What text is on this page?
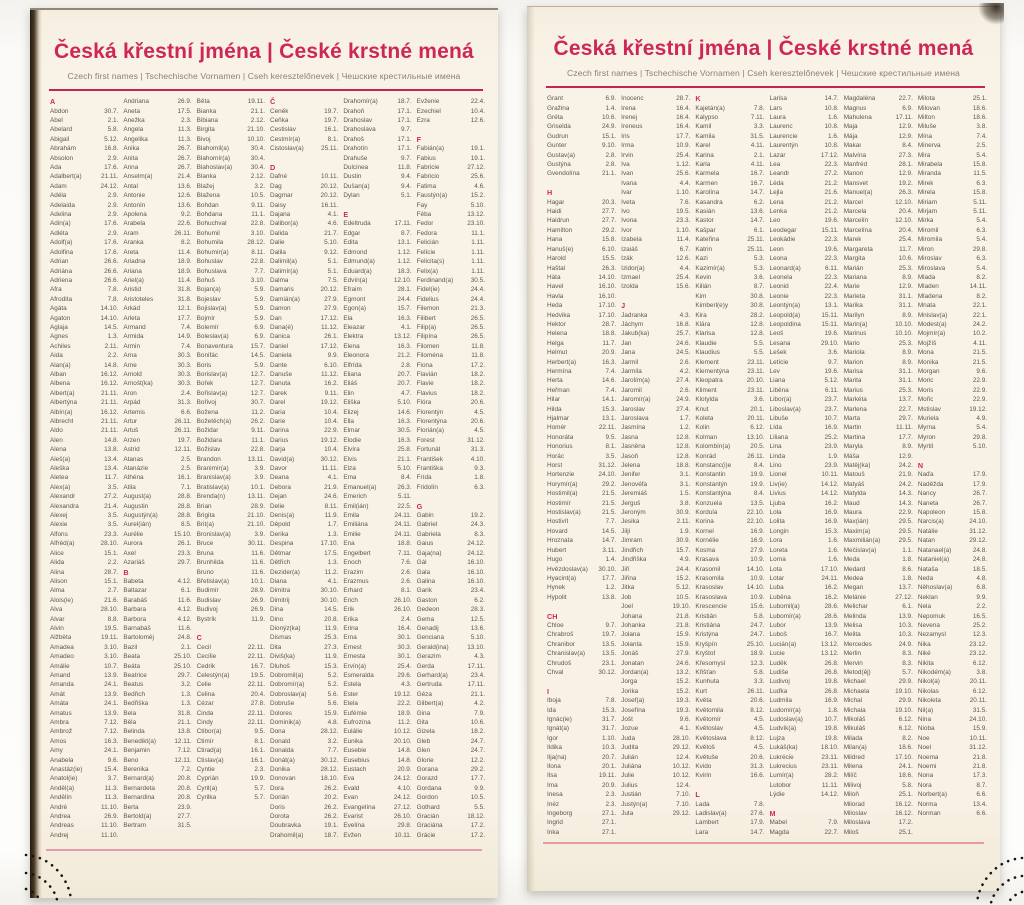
Česká křestní jména | České krstné mená
Czech first names | Tschechische Vornamen | Cseh keresztelőnevek | Чешские крестильные имена
A
Abdon	30.7.
Ábel	2.1.
Abelard	5.8.
Abigail	5.12.
Abrahám	16.8.
Absolon	2.9.
Ada	17.6.
Adalbert(a)	21.11.
Adam	24.12.
Adéla	2.9.
Adelaida	2.9.
Adelina	2.9.
Adin(a)	17.6.
Adléta	2.9.
Adolf(a)	17.6.
Adolfina	17.6.
Adrian	26.6.
Adriána	26.6.
Adriena	26.6.
Afra	7.8.
Afrodita	7.8.
Agáta	14.10.
Agaton	14.10.
Aglaja	14.5.
Agnes	1.3.
Achiles	2.11.
Aida	2.2.
Alan(a)	14.8.
Alban	16.12.
Albena	16.12.
Albert(a)	21.11.
Albertýna	21.11.
Albín(a)	16.12.
Albrecht	21.11.
Aldo	21.11.
Alen	14.8.
Alena	13.8.
Aleš(a)	13.4.
Aleška	13.4.
Aletea	11.7.
Alex(a)	3.5.
Alexandr	27.2.
Alexandra	21.4.
Alexej	3.5.
Alexie	3.5.
Alfons	23.3.
Alfréd(a)	28.10.
Alice	15.1.
Alida	2.2.
Alina	28.7.
Alison	15.1.
Alma	2.7.
Alois(ie)	21.6.
Alva	28.10.
Alvar	8.8.
Alvin	19.5.
Alžběta	19.11.
Amadea	3.10.
Amadeo	3.10.
Amálie	10.7.
Amand	13.9.
Amanda	24.1.
Amát	13.9.
Amáta	24.1.
Amatus	13.9.
Ambra	7.12.
Ambrož	7.12.
Ámos	16.3.
Amy	24.1.
Anabela	9.6.
Anastáz(ie)	15.4.
Anatol(ie)	3.7.
Anděl(a)	11.3.
Andělín	11.3.
André	11.10.
Andrea	26.9.
Andreas	11.10.
Andrej	11.10.
Andriana	26.9.
Aneta	17.5.
Anežka	2.3.
Angela	11.3.
Angelika	11.3.
Anika	26.7.
Anita	26.7.
Anna	26.7.
Anselm(a)	21.4.
Antal	13.6.
Antonie	12.6.
Antonín	13.6.
Apolena	9.2.
Arabela	22.6.
Aram	26.11.
Aranka	8.2.
Areta	11.4.
Ariadna	18.9.
Ariana	18.9.
Ariel(a)	11.4.
Aristid	31.8.
Aristoteles	31.8.
Arkád	12.1.
Arleta	17.7.
Armand	7.4.
Armida	14.9.
Armin	7.4.
Arna	30.3.
Arne	30.3.
Arnold	30.3.
Arnošt(ka)	30.3.
Áron	2.4.
Arpád	31.3.
Artemis	6.6.
Artur	26.11.
Artuš	26.11.
Arzen	19.7.
Astrid	12.11.
Atanas	2.5.
Atanázie	2.5.
Athéna	16.1.
Atila	7.1.
August(a)	28.8.
Augustin	28.8.
Augustýn(a)	28.8.
Aurel(ián)	8.5.
Aurélie	15.10.
Aurora	26.1.
Axel	23.3.
Azariáš	29.7.
B
Babeta	4.12.
Baltazar	6.1.
Barabáš	11.6.
Barbara	4.12.
Barbora	4.12.
Barnabáš	11.6.
Bartoloměj	24.8.
Bazil	2.1.
Beata	25.10.
Beáta	25.10.
Beatrice	29.7.
Beatus	3.2.
Bedřich	1.3.
Bedřiška	1.3.
Bela	31.8.
Běla	21.1.
Belinda	13.8.
Benedikt(a)	12.11.
Benjamin	7.12.
Beno	12.11.
Berenika	7.2.
Bernard(a)	20.8.
Bernardeta	20.8.
Bernardina	20.8.
Berta	23.9.
Bertold(a)	27.7.
Bertram	31.5.
Běta	19.11.
Bianka	21.1.
Bibiana	2.12.
Birgita	21.10.
Bivoj	10.10.
Blahomil(a)	30.4.
Blahomír(a)	30.4.
Blahoslav(a)	30.4.
Blanka	2.12.
Blažej	3.2.
Blažena	10.5.
Bohdan	9.11.
Bohdana	11.1.
Bohuchval	22.8.
Bohumil	3.10.
Bohumila	28.12.
Bohumír(a)	8.11.
Bohuslav	22.8.
Bohuslava	7.7.
Bohuš	3.10.
Bojan(a)	5.9.
Bojeslav	5.9.
Bojislav(a)	5.9.
Bojmír	5.9.
Bolemír	6.9.
Boleslav(a)	6.9.
Bonaventura	15.7.
Bonifác	14.5.
Boris	5.9.
Borislav(a)	12.7.
Bořek	12.7.
Bořislav(a)	12.7.
Bořivoj	30.7.
Božena	11.2.
Božetěch(a)	26.2.
Božidar	9.11.
Božidara	11.1.
Božislav	22.8.
Brandon	13.11.
Branimír(a)	3.9.
Branislav(a)	3.9.
Bratislav(a)	10.1.
Brenda(n)	13.11.
Brian	28.9.
Brigita	21.10.
Brit(a)	21.10.
Bronislav(a)	3.9.
Bruce	30.11.
Bruna	11.6.
Brunhilda	11.6.
Bruno	11.6.
Břetislav(a)	10.1.
Budimír	28.9.
Budislav	26.9.
Budivoj	26.9.
Bystrík	11.9.
C
Cecil	22.11.
Cecílie	22.11.
Cedrik	16.7.
Celestýn(a)	19.5.
Celie	22.11.
Celina	20.4.
Cézar	27.8.
Cinda	22.11.
Cindy	22.11.
Ctibor(a)	9.5.
Ctimír	8.1.
Ctirad(a)	16.1.
Ctislav(a)	16.1.
Cyntie	2.3.
Cyprián	19.9.
Cyril(a)	5.7.
Cyrilka	5.7.
Č
Čeněk	19.7.
Čeňka	19.7.
Čestislav	16.1.
Čestmír(a)	8.1.
Čistoslav(a)	25.11.
D
Dafné	10.11.
Dag	20.12.
Dagmar	20.12.
Daisy	16.11.
Dajana	4.1.
Dalibor(a)	4.6.
Dalida	21.7.
Dalie	5.10.
Dalila	9.12.
Dalimil(a)	5.1.
Dalimír(a)	5.1.
Dalma	7.5.
Damaris	20.12.
Damián(a)	27.9.
Damon	27.9.
Dan	17.12.
Dana(é)	11.12.
Danica	26.1.
Daniel	17.12.
Daniela	9.9.
Dante	6.10.
Danuše	11.12.
Danuta	16.2.
Darek	9.11.
Darel	19.12.
Daria	10.4.
Darie	10.4.
Darina	22.9.
Darius	19.12.
Darja	10.4.
David(a)	30.12.
Davor	11.11.
Deana	4.1.
Debora	21.9.
Dejan	24.6.
Delie	8.11.
Denis(a)	11.9.
Děpold	1.7.
Derika	1.3.
Despina	17.10.
Dětmar	17.5.
Dětřich	1.3.
Dezider(a)	11.2.
Diana	4.1.
Dimitra	30.10.
Dimitrij	30.10.
Dina	14.5.
Dino	20.8.
Dionýz(ka)	11.9.
Dismas	25.3.
Dita	27.3.
Diviš(ka)	11.9.
Dluhoš	15.3.
Dobromil(a)	5.2.
Dobromír(a)	5.2.
Dobroslav(a)	5.6.
Dobruše	5.6.
Dolores	15.9.
Dominik(a)	4.8.
Dona	28.12.
Donald	3.2.
Donalda	7.7.
Donát(a)	30.12.
Donika	28.12.
Donovan	18.10.
Dora	26.2.
Dorián	20.2.
Doris	26.2.
Dorota	26.2.
Doubravka	19.1.
Drahomil(a)	18.7.
Drahomír(a)	18.7.
Drahoň	17.1.
Drahoslav	17.1.
Drahoslava	9.7.
Drahoš	17.1.
Drahotín	17.1.
Drahuše	9.7.
Dulcinea	11.8.
Dustin	9.4.
Dušan(a)	9.4.
Dylan	5.1.
E
Edeltruda	17.11.
Edgar	8.7.
Edita	13.1.
Edmond	1.12.
Edmund(a)	1.12.
Eduard(a)	18.3.
Edvín(a)	12.10.
Efraim	28.1.
Egmont	24.4.
Egon(a)	15.7.
Ela	16.3.
Eleazar	4.1.
Elektra	13.12.
Elena	16.3.
Eleonora	21.2.
Elfrída	2.8.
Eliana	20.7.
Eliáš	20.7.
Elin	4.7.
Eliška	5.10.
Elizej	14.6.
Ella	16.3.
Elmar	30.5.
Elodie	16.3.
Elvíra	25.8.
Elvis	21.1.
Elza	5.10.
Ema	8.4.
Emanuel(a)	26.3.
Emerich	5.11.
Emil(ián)	22.5.
Emila	24.11.
Emiliána	24.11.
Emilie	24.11.
Ena	18.8.
Engelbert	7.11.
Enoch	7.6.
Erazim	2.6.
Erazmus	2.6.
Erhard	8.1.
Erich	26.10.
Erik	26.10.
Erika	2.4.
Erina	16.4.
Erna	30.1.
Ernest	30.3.
Ernesta	30.1.
Ervín(a)	25.4.
Esmeralda	29.6.
Estela	4.3.
Ester	19.12.
Etela	22.2.
Eufémie	18.9.
Eufrozína	11.2.
Eulálie	10.12.
Eunika	20.10.
Eusebie	14.8.
Eusebius	14.8.
Eustach	20.9.
Eva	24.12.
Evald	4.10.
Evan	24.12.
Evangelína	27.12.
Evarist	26.10.
Evelína	29.8.
Evžen	10.11.
Evženie	22.4.
Ezechiel	10.4.
Ezra	12.6.
F
Fabián(a)	19.1.
Fabius	19.1.
Fabricie	27.12.
Fabricio	25.6.
Fatima	4.6.
Faustýn(a)	15.2.
Fay	5.10.
Féba	13.12.
Fedor	23.10.
Fedora	11.1.
Felicián	1.11.
Felície	1.11.
Felicita(s)	1.11.
Felix(a)	1.11.
Ferdinand(a)	30.5.
Fidel(ie)	24.4.
Fidelius	24.4.
Filemon	21.3.
Filibert	26.5.
Filip(a)	26.5.
Filipína	26.5.
Filomen	11.8.
Filoména	11.8.
Fiona	17.2.
Flavián	18.2.
Flavie	18.2.
Flavius	18.2.
Flóra	20.6.
Florentýn	4.5.
Florentýna	20.6.
Florián(a)	4.5.
Forest	31.12.
Fortunát	31.3.
František	4.10.
Františka	9.3.
Frída	1.8.
Fridolín	6.3.
G
Gabin	19.2.
Gabriel	24.3.
Gabriela	8.3.
Gaius	24.12.
Gaja(na)	24.12.
Gál	16.10.
Gala	16.10.
Galina	16.10.
Garik	23.4.
Gaston	6.2.
Gedeon	28.3.
Gema	12.5.
Genadij	13.6.
Genciana	5.10.
Gerald(ina)	13.10.
Gerazim	4.3.
Gerda	17.11.
Gerhard(a)	23.4.
Gertruda	17.11.
Géza	21.1.
Gilbert(a)	4.2.
Gina	7.9.
Gita	10.6.
Gizela	18.2.
Gleb	24.7.
Glen	24.7.
Glorie	12.2.
Gorana	29.2.
Gorazd	17.7.
Gordana	9.9.
Gordon	10.5.
Gothard	5.5.
Gracián	18.12.
Graciána	17.2.
Grácie	17.2.
Česká křestní jména | České krstné mená
Czech first names | Tschechische Vornamen | Cseh keresztelőnevek | Чешские крестильные имена
Grant	6.9.
Gražina	1.4.
Gréta	10.6.
Griselda	24.9.
Gudrun	15.1.
Gunter	9.10.
Gustav(a)	2.8.
Gustýna	2.8.
Gvendolína	21.1.
H
Hagar	20.3.
Haidi	27.7.
Haidrun	27.7.
Hamilton	29.2.
Hana	15.8.
Hanuš(e)	6.10.
Harold	15.5.
Haštal	26.3.
Háta	14.10.
Havel	16.10.
Havla	16.10.
Heda	17.10.
Hedvika	17.10.
Hektor	28.7.
Helena	18.8.
Helga	11.7.
Helmut	20.9.
Herbert(a)	16.3.
Hermína	7.4.
Herta	14.6.
Heřman	7.4.
Hilar	14.1.
Hilda	15.3.
Hjalmar	13.1.
Homér	22.11.
Honoráta	9.5.
Honorius	8.1.
Horác	3.5.
Horst	31.12.
Hortenzie	24.10.
Horymír(a)	29.2.
Hostimil(a)	21.5.
Hostimír	21.5.
Hostislav(a)	21.5.
Hostivít	7.7.
Hovard	14.5.
Hroznata	14.7.
Hubert	3.11.
Hugo	1.4.
Hvězdoslav(a)	30.10.
Hyacint(a)	17.7.
Hynek	1.2.
Hypolit	13.8.
CH
Chloe	9.7.
Chrabroš	19.7.
Chranibor	13.5.
Chranislav(a)	13.5.
Chrudoš	23.1.
Chval	30.12.
I
Iboja	7.8.
Ida	15.3.
Ignác(ie)	31.7.
Ignát(a)	31.7.
Igor	1.10.
Ildika	10.3.
Ilja(na)	20.7.
Ilona	20.1.
Ilsa	19.11.
Ima	20.9.
Inesa	2.3.
Inéz	2.3.
Ingeborg	27.1.
Ingrid	27.1.
Inka	27.1.
Inocenc	28.7.
Irena	16.4.
Irenej	16.4.
Ireneus	16.4.
Iris	17.7.
Irma	10.9.
Irvin	25.4.
Iva	1.12.
Ivan	25.6.
Ivana	4.4.
Ivar	1.10.
Iveta	7.6.
Ivo	19.5.
Ivona	23.3.
Ivor	1.10.
Izabela	11.4.
Izaiáš	6.7.
Izák	12.6.
Izidor(a)	4.4.
Izmael	25.4.
Izolda	15.6.
J
Jadranka	4.3.
Jáchym	16.8.
Jakub(ka)	25.7.
Jan	24.6.
Jana	24.5.
Jarmil	2.6.
Jarmila	4.2.
Jarolím(a)	27.4.
Jaromil	2.6.
Jaromír(a)	24.9.
Jaroslav	27.4.
Jaroslava	1.7.
Jasmína	1.2.
Jasna	12.8.
Jasněna	12.8.
Jasoň	12.8.
Jelena	18.8.
Jenifer	3.1.
Jenovéfa	3.1.
Jeremiáš	1.5.
Jerguš	3.8.
Jeroným	30.9.
Jesika	2.11.
Jiljí	1.9.
Jimram	30.9.
Jindřich	15.7.
Jindřiška	4.9.
Jiří	24.4.
Jiřina	15.2.
Jitka	5.12.
Job	10.5.
Joel	19.10.
Johana	21.8.
Johanka	21.8.
Jolana	15.9.
Jolanta	15.9.
Jonáš	27.9.
Jonatan	24.6.
Jordan(a)	13.2.
Jorga	15.2.
Jorika	15.2.
Josef(a)	19.3.
Josefína	19.3.
Jošt	9.6.
Jozue	4.1.
Juda	28.10.
Judita	29.12.
Julián	12.4.
Juliána	10.12.
Julie	10.12.
Julius	12.4.
Justián	7.10.
Justýn(a)	7.10.
Juta	29.12.
K
Kajetán(a)	7.8.
Kalypso	7.11.
Kamil	3.3.
Kamila	31.5.
Karel	4.11.
Karina	2.1.
Karla	4.11.
Karmela	16.7.
Karmen	16.7.
Karolína	14.7.
Kasandra	6.2.
Kasián	13.6.
Kastor	14.7.
Kašpar	6.1.
Kateřina	25.11.
Katrin	25.11.
Kazi	5.3.
Kazimír(a)	5.3.
Kevin	3.6.
Kilián	8.7.
Kim	30.8.
Kimberl(e)y	30.8.
Kira	28.2.
Klára	12.8.
Klarisa	12.8.
Klaudie	5.5.
Klaudius	5.5.
Klement	23.11.
Klementýna	23.11.
Kleopatra	20.10.
Kliment	23.11.
Klotylda	3.6.
Knut	20.1.
Koleta	20.11.
Kolin	6.12.
Kolman	13.10.
Kolombín(a)	20.5.
Konrád	26.11.
Konstanc(i)e	8.4.
Konstantin	19.9.
Konstantýn	19.9.
Konstantýna	8.4.
Konzuela	13.5.
Kordula	22.10.
Korina	22.10.
Kornel	16.9.
Kornélie	16.9.
Kosma	27.9.
Krasava	10.9.
Krasomil	14.10.
Krasomila	10.9.
Krasoslav	14.10.
Krasoslava	10.9.
Krescencie	15.6.
Kristián	5.8.
Kristiána	24.7.
Kristýna	24.7.
Kryšpín	25.10.
Kryštof	18.9.
Křesomysl	12.3.
Křišťan	5.8.
Kunhuta	3.3.
Kurt	26.11.
Květa	20.6.
Květomila	8.12.
Květomír	4.5.
Květoslav	4.5.
Květoslava	8.12.
Květoš	4.5.
Květuše	20.6.
Kvido	31.3.
Kvirin	16.6.
L
Lada	7.8.
Ladislav(a)	27.6.
Lambert	17.9.
Lara	14.7.
Larisa	14.7.
Lars	10.8.
Laura	1.6.
Laurenc	10.8.
Laurencie	1.6.
Laurentýn	10.8.
Lazar	17.12.
Lea	22.3.
Leandr	27.2.
Léda	21.2.
Lejla	21.6.
Lena	21.2.
Lenka	21.2.
Leo	19.6.
Leodegar	15.11.
Leokádie	22.3.
Leon	19.6.
Leona	22.3.
Leonard(a)	6.11.
Leonela	22.3.
Leonid	22.4.
Leonie	22.3.
Leontýn(a)	13.1.
Leopold(a)	15.11.
Leopoldina	15.11.
Leoš	19.6.
Lesana	29.10.
Lešek	3.6.
Letície	9.7.
Lev	19.6.
Liana	5.12.
Liběna	6.11.
Libor(a)	23.7.
Liboslav(a)	23.7.
Libuše	10.7.
Lída	16.9.
Liliana	25.2.
Lina	23.9.
Linda	1.9.
Lino	23.9.
Lionel	10.11.
Liv(ie)	14.12.
Livius	14.12.
Ljuba	16.2.
Lola	16.9.
Lolita	16.9.
Longin	15.3.
Lora	1.6.
Loreta	1.6.
Lorna	1.6.
Lota	17.10.
Lotar	24.11.
Luba	16.2.
Luběna	16.2.
Lubomil(a)	28.6.
Lubomír(a)	28.6.
Lubor	13.9.
Luboš	16.7.
Lucián(a)	13.12.
Lucie	13.12.
Luděk	26.8.
Ludiše	26.8.
Ludivoj	19.8.
Luďka	26.8.
Ludmila	16.9.
Ludomír(a)	1.8.
Ludoslav(a)	10.7.
Ludvík(a)	19.8.
Lujza	19.8.
Lukáš(ka)	18.10.
Lukrécie	23.11.
Lukrecius	23.11.
Lumír(a)	28.2.
Lutobor	11.11.
Lýdie	14.12.
M
Mabel	7.9.
Magda	22.7.
Magdaléna	22.7.
Magnus	6.9.
Mahulena	17.11.
Maja	12.9.
Mája	12.9.
Makar	8.4.
Malvína	27.3.
Manfréd	28.1.
Manon	12.9.
Mansvet	19.2.
Manuel(a)	26.3.
Marcel	12.10.
Marcela	20.4.
Marcelín	12.10.
Marcelína	20.4.
Marek	25.4.
Margareta	11.7.
Margita	10.6.
Marián	25.3.
Mariana	8.9.
Marie	12.9.
Marieta	31.1.
Marika	31.1.
Marilyn	8.9.
Marin(a)	10.10.
Marinus	10.10.
Mario	25.3.
Mariola	8.9.
Marion	8.9.
Marisa	31.1.
Marita	31.1.
Marius	25.3.
Markéta	13.7.
Marlena	22.7.
Marta	29.7.
Martin	11.11.
Martina	17.7.
Maryla	8.9.
Máša	12.9.
Matěj(ka)	24.2.
Matouš	21.9.
Matyáš	24.2.
Matylda	14.3.
Maud	14.3.
Maura	22.9.
Max(ián)	29.5.
Maxim(a)	29.5.
Maxmilián(a)	29.5.
Mečislav(a)	1.1.
Meda	1.8.
Medard	8.6.
Medea	1.8.
Megan	13.7.
Melánie	27.12.
Melichar	6.1.
Melinda	13.9.
Melisa	10.3.
Melita	10.3.
Mercedes	24.9.
Merlin	8.3.
Mervin	8.3.
Metod(ěj)	5.7.
Michael	29.9.
Michaela	19.10.
Michal	29.9.
Michala	19.10.
Mikoláš	6.12.
Mikuláš	6.12.
Milada	8.2.
Milan(a)	18.6.
Mildred	17.10.
Milena	24.1.
Milíč	18.6.
Milivoj	5.8.
Miloň	25.1.
Milorad	16.12.
Miloslav	16.12.
Miloslava	17.2.
Miloš	25.1.
Milota	25.1.
Milovan	18.6.
Milton	18.6.
Miluše	3.8.
Mína	7.4.
Minerva	2.5.
Mira	5.4.
Mirabela	15.8.
Miranda	11.5.
Mirek	6.3.
Mirela	15.8.
Miriam	5.11.
Mirjam	5.11.
Mirka	5.4.
Miromil	6.3.
Miromila	5.4.
Miron	29.8.
Miroslav	6.3.
Miroslava	5.4.
Mlada	8.2.
Mladen	14.11.
Mladena	8.2.
Mnata	22.1.
Mnislav(a)	22.1.
Modest(a)	24.2.
Mojmír(a)	10.2.
Mojžíš	4.11.
Mona	21.5.
Monika	21.5.
Morgan	9.6.
Moric	22.9.
Moris	22.9.
Mořic	22.9.
Mstislav	19.12.
Muriela	4.9.
Myrna	5.4.
Myron	29.8.
Myrtil	5.10.
N
Naďa	17.9.
Naděžda	17.9.
Nancy	26.7.
Naneta	26.7.
Napoleon	15.8.
Narcis(a)	24.10.
Natálie	31.12.
Natan	29.12.
Natanael(a)	24.8.
Nataniel(a)	24.8.
Nataša	18.5.
Neda	4.8.
Něhoslav(a)	6.8.
Neklan	9.9.
Nela	2.2.
Nepomuk	16.5.
Nevena	25.2.
Nezamysl	12.3.
Nika	23.12.
Niké	23.12.
Nikita	6.12.
Nikodém(a)	3.8.
Nikol(a)	20.11.
Nikolas	6.12.
Nikoleta	20.11.
Nil(a)	31.5.
Nina	24.10.
Nioba	15.9.
Noe	10.11.
Noel	31.12.
Noema	21.8.
Noemi	21.8.
Nona	17.3.
Nora	8.7.
Norbert(a)	6.6.
Norma	13.4.
Norman	6.6.
